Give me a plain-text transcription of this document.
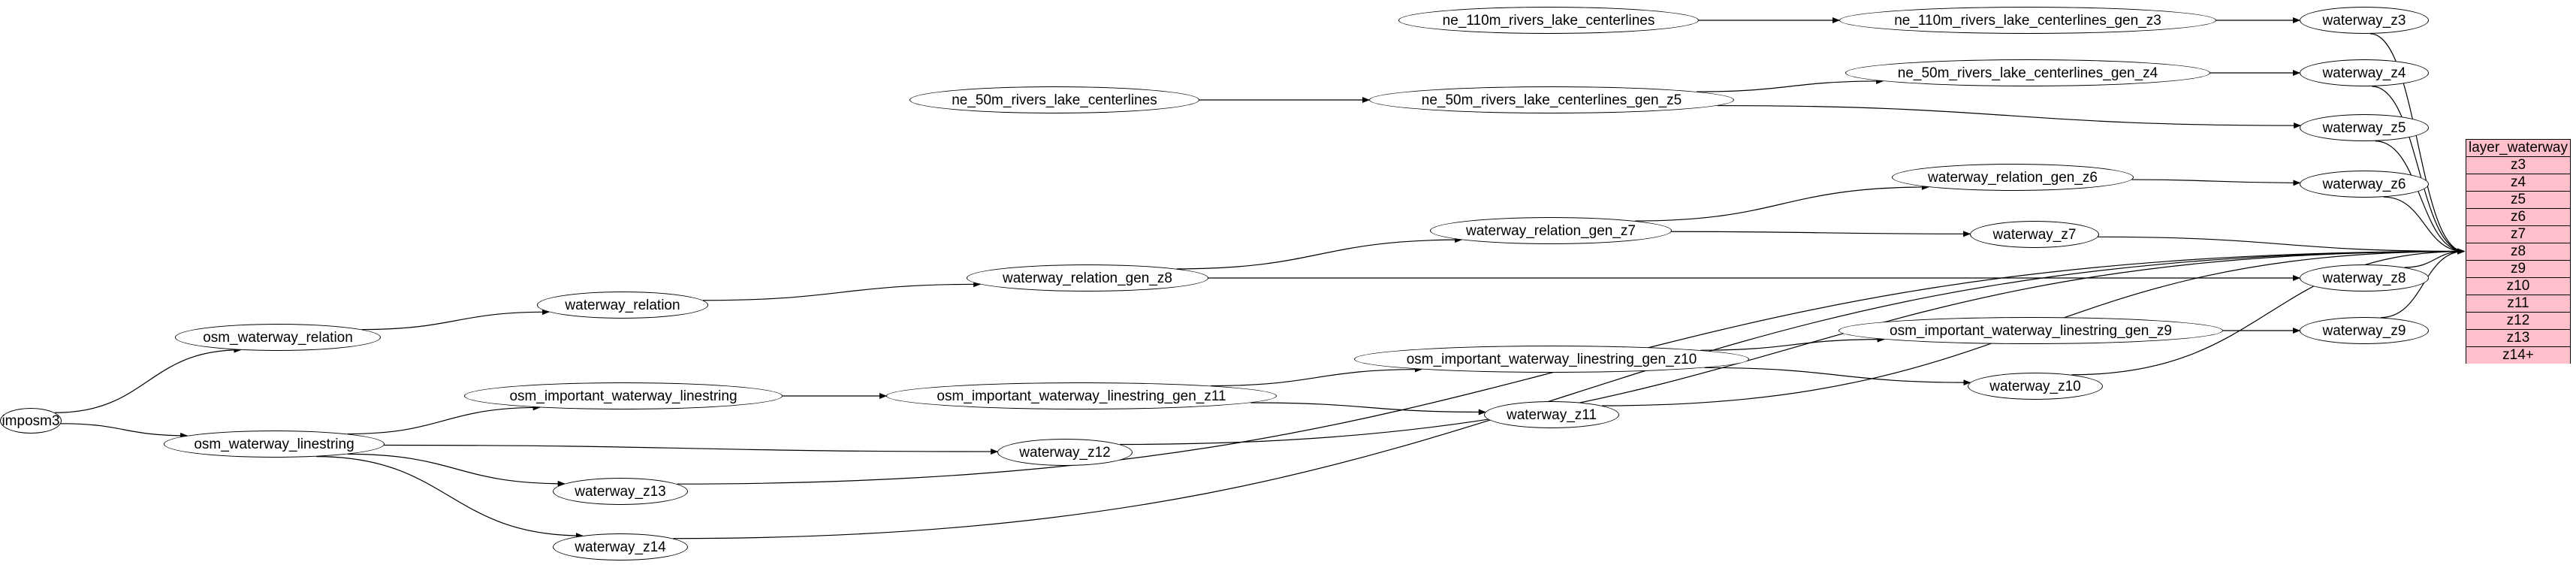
imposm3
osm_waterway_relation
osm_waterway_linestring
waterway_relation
osm_important_waterway_linestring
waterway_relation_gen_z8
osm_important_waterway_linestring_gen_z11
waterway_z12
waterway_z13
waterway_z14
ne_50m_rivers_lake_centerlines
ne_110m_rivers_lake_centerlines
waterway_relation_gen_z7
osm_important_waterway_linestring_gen_z10
ne_50m_rivers_lake_centerlines_gen_z5
waterway_z11
waterway_relation_gen_z6
waterway_z7
osm_important_waterway_linestring_gen_z9
waterway_z10
ne_110m_rivers_lake_centerlines_gen_z3
ne_50m_rivers_lake_centerlines_gen_z4
waterway_z3
waterway_z4
waterway_z5
waterway_z6
waterway_z8
waterway_z9
layer_waterway
z3
z4
z5
z6
z7
z8
z9
z10
z11
z12
z13
z14+
